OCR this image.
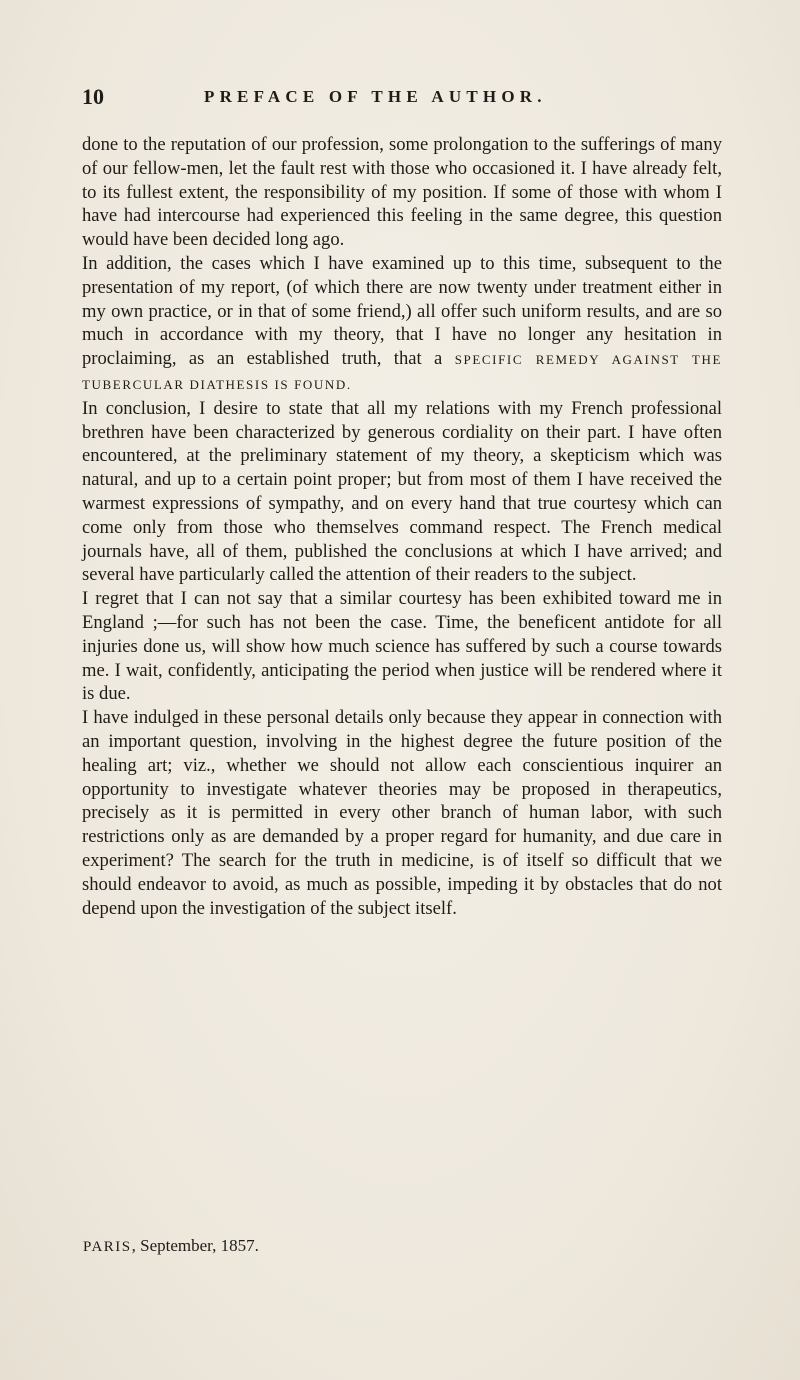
10	PREFACE OF THE AUTHOR.

done to the reputation of our profession, some prolongation to the sufferings of many of our fellow-men, let the fault rest with those who occasioned it. I have already felt, to its fullest extent, the responsibility of my position. If some of those with whom I have had intercourse had experienced this feeling in the same degree, this question would have been decided long ago.

In addition, the cases which I have examined up to this time, subsequent to the presentation of my report, (of which there are now twenty under treatment either in my own practice, or in that of some friend,) all offer such uniform results, and are so much in accordance with my theory, that I have no longer any hesitation in proclaiming, as an established truth, that a SPECIFIC REMEDY AGAINST THE TUBERCULAR DIATHESIS IS FOUND.

In conclusion, I desire to state that all my relations with my French professional brethren have been characterized by generous cordiality on their part. I have often encountered, at the preliminary statement of my theory, a skepticism which was natural, and up to a certain point proper; but from most of them I have received the warmest expressions of sympathy, and on every hand that true courtesy which can come only from those who themselves command respect. The French medical journals have, all of them, published the conclusions at which I have arrived; and several have particularly called the attention of their readers to the subject.

I regret that I can not say that a similar courtesy has been exhibited toward me in England ;—for such has not been the case. Time, the beneficent antidote for all injuries done us, will show how much science has suffered by such a course towards me. I wait, confidently, anticipating the period when justice will be rendered where it is due.

I have indulged in these personal details only because they appear in connection with an important question, involving in the highest degree the future position of the healing art; viz., whether we should not allow each conscientious inquirer an opportunity to investigate whatever theories may be proposed in therapeutics, precisely as it is permitted in every other branch of human labor, with such restrictions only as are demanded by a proper regard for humanity, and due care in experiment? The search for the truth in medicine, is of itself so difficult that we should endeavor to avoid, as much as possible, impeding it by obstacles that do not depend upon the investigation of the subject itself.

PARIS, September, 1857.
